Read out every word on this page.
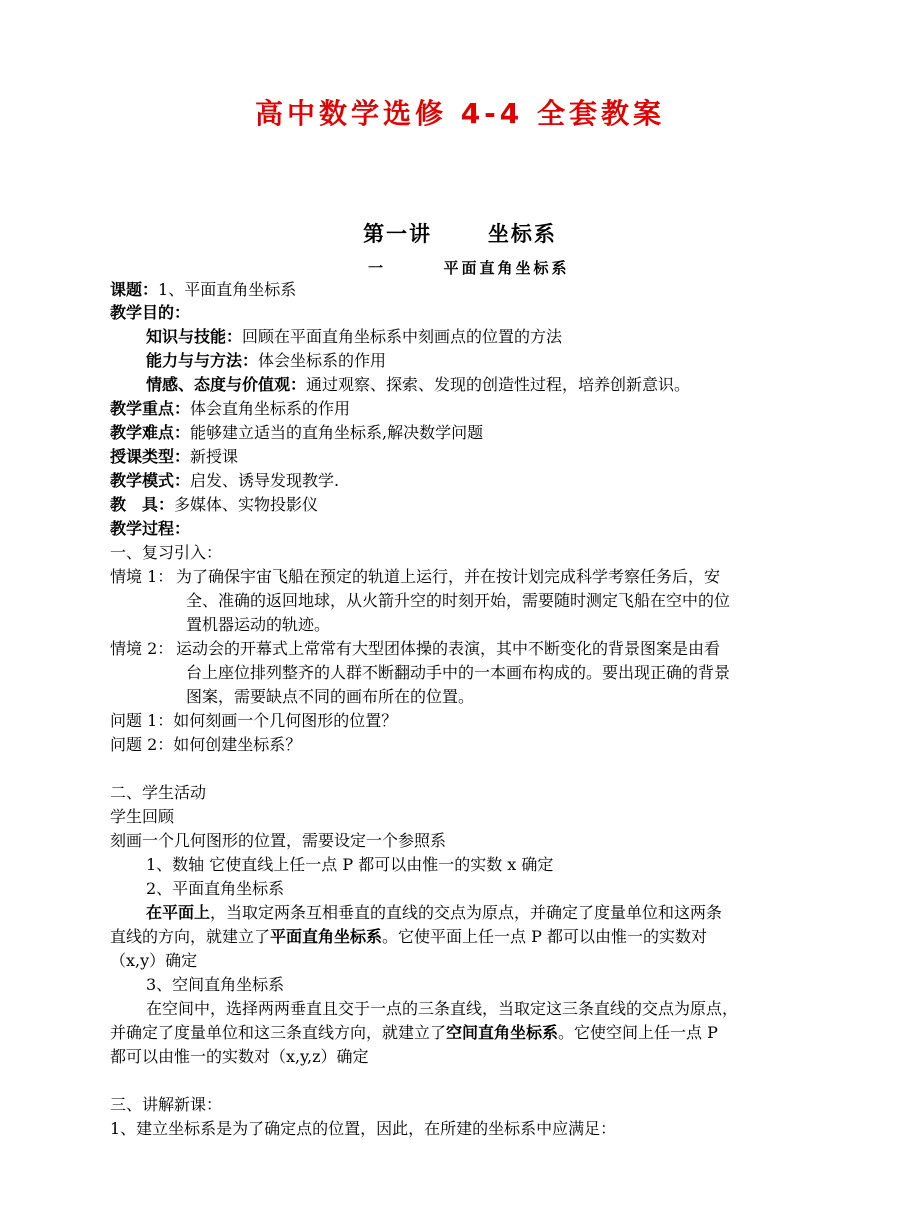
高中数学选修 4-4 全套教案
第一讲      坐标系
一       平面直角坐标系
课题：1、平面直角坐标系
教学目的：
知识与技能：回顾在平面直角坐标系中刻画点的位置的方法
能力与与方法：体会坐标系的作用
情感、态度与价值观：通过观察、探索、发现的创造性过程，培养创新意识。
教学重点：体会直角坐标系的作用
教学难点：能够建立适当的直角坐标系,解决数学问题
授课类型：新授课
教学模式：启发、诱导发现教学.
教　具：多媒体、实物投影仪
教学过程：
一、复习引入：
情境 1： 为了确保宇宙飞船在预定的轨道上运行，并在按计划完成科学考察任务后，安
全、准确的返回地球，从火箭升空的时刻开始，需要随时测定飞船在空中的位
置机器运动的轨迹。
情境 2： 运动会的开幕式上常常有大型团体操的表演，其中不断变化的背景图案是由看
台上座位排列整齐的人群不断翻动手中的一本画布构成的。要出现正确的背景
图案，需要缺点不同的画布所在的位置。
问题 1：如何刻画一个几何图形的位置？
问题 2：如何创建坐标系？
二、学生活动
学生回顾
刻画一个几何图形的位置，需要设定一个参照系
1、数轴 它使直线上任一点 P 都可以由惟一的实数 x 确定
2、平面直角坐标系
在平面上，当取定两条互相垂直的直线的交点为原点，并确定了度量单位和这两条
直线的方向，就建立了平面直角坐标系。它使平面上任一点 P 都可以由惟一的实数对
（x,y）确定
3、空间直角坐标系
在空间中，选择两两垂直且交于一点的三条直线，当取定这三条直线的交点为原点，
并确定了度量单位和这三条直线方向，就建立了空间直角坐标系。它使空间上任一点 P
都可以由惟一的实数对（x,y,z）确定
三、讲解新课：
1、建立坐标系是为了确定点的位置，因此，在所建的坐标系中应满足：
